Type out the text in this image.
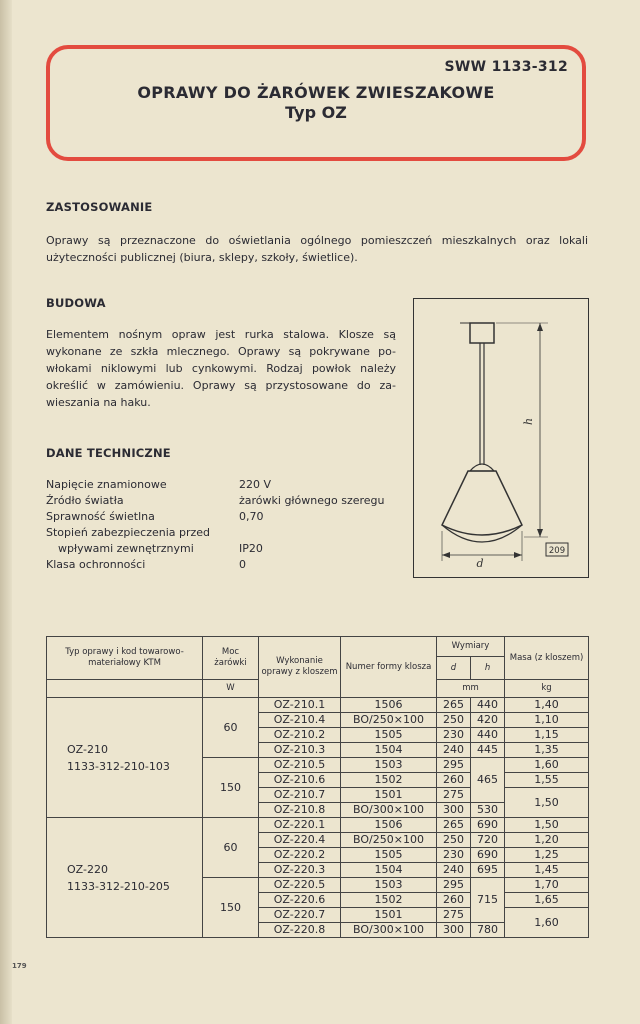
SWW 1133-312
OPRAWY DO ŻARÓWEK ZWIESZAKOWE
Typ OZ
ZASTOSOWANIE

Oprawy są przeznaczone do oświetlania ogólnego pomieszczeń mieszkalnych oraz lokali

użyteczności publicznej (biura, sklepy, szkoły, świetlice).

BUDOWA
Elementem nośnym opraw jest rurka stalowa. Klosze są
wykonane ze szkła mlecznego. Oprawy są pokrywane po-
włokami niklowymi lub cynkowymi. Rodzaj powłok należy
określić w zamówieniu. Oprawy są przystosowane do za-
wieszania na haku.
DANE TECHNICZNE
Napięcie znamionowe	220 V
Źródło światła	żarówki głównego szeregu
Sprawność świetlna	0,70
Stopień zabezpieczenia przed
wpływami zewnętrznymi	IP20
Klasa ochronności	0
h
d
209
Typ oprawy i kod towarowo-materiałowy KTM	Moc żarówki	Wykonanie oprawy z kloszem	Numer formy klosza	Wymiary		Masa (z kloszem)
				d	h	
	W			mm		kg

OZ-210
1133-312-210-103	60	OZ-210.1	1506	265	440	1,40
		OZ-210.4	BO/250×100	250	420	1,10
		OZ-210.2	1505	230	440	1,15
		OZ-210.3	1504	240	445	1,35
	150	OZ-210.5	1503	295	465	1,60
		OZ-210.6	1502	260		1,55
		OZ-210.7	1501	275		1,50
		OZ-210.8	BO/300×100	300	530	

OZ-220
1133-312-210-205	60	OZ-220.1	1506	265	690	1,50
		OZ-220.4	BO/250×100	250	720	1,20
		OZ-220.2	1505	230	690	1,25
		OZ-220.3	1504	240	695	1,45
	150	OZ-220.5	1503	295	715	1,70
		OZ-220.6	1502	260		1,65
		OZ-220.7	1501	275		1,60
		OZ-220.8	BO/300×100	300	780	
179
